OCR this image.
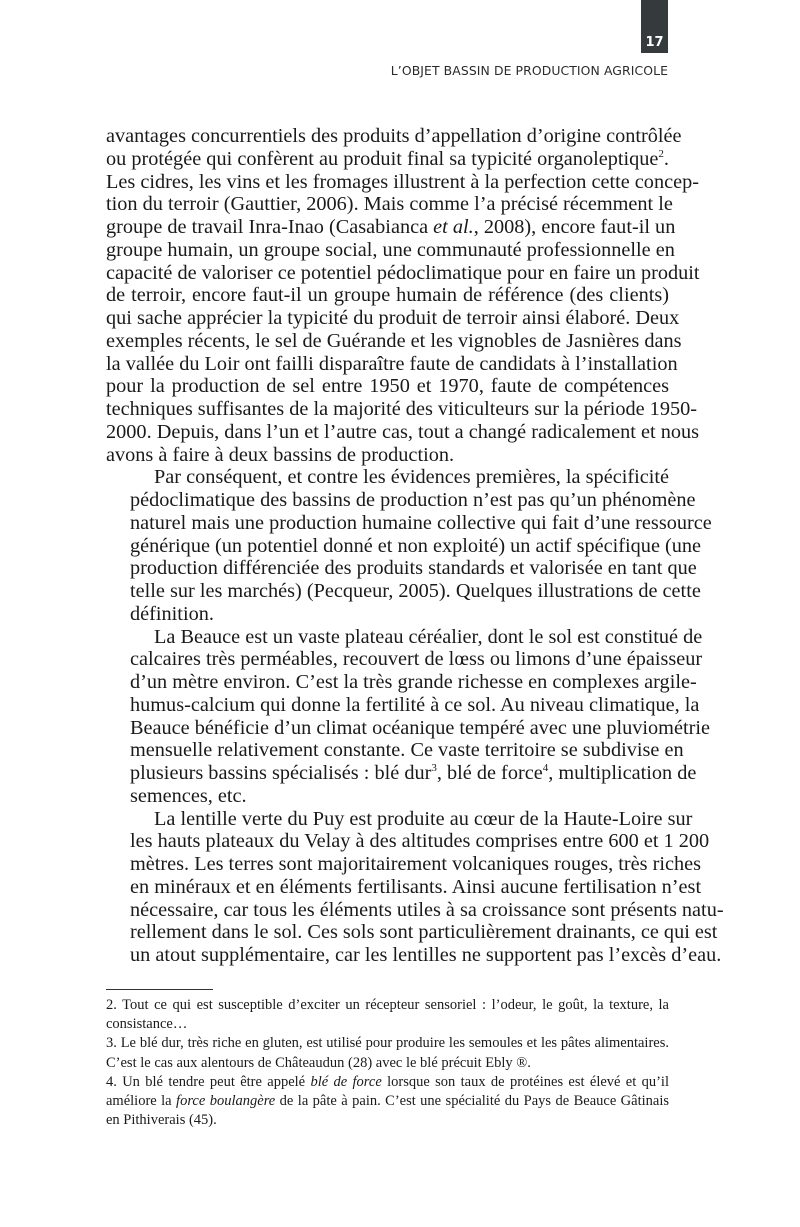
17
L’OBJET BASSIN DE PRODUCTION AGRICOLE

avantages concurrentiels des produits d’appellation d’origine contrôlée
ou protégée qui confèrent au produit final sa typicité organoleptique$^2$.
Les cidres, les vins et les fromages illustrent à la perfection cette concep-
tion du terroir (Gauttier, 2006). Mais comme l’a précisé récemment le
groupe de travail Inra-Inao (Casabianca et al., 2008), encore faut-il un
groupe humain, un groupe social, une communauté professionnelle en
capacité de valoriser ce potentiel pédoclimatique pour en faire un produit
de terroir, encore faut-il un groupe humain de référence (des clients)
qui sache apprécier la typicité du produit de terroir ainsi élaboré. Deux
exemples récents, le sel de Guérande et les vignobles de Jasnières dans
la vallée du Loir ont failli disparaître faute de candidats à l’installation
pour la production de sel entre 1950 et 1970, faute de compétences
techniques suffisantes de la majorité des viticulteurs sur la période 1950-
2000. Depuis, dans l’un et l’autre cas, tout a changé radicalement et nous
avons à faire à deux bassins de production.

Par conséquent, et contre les évidences premières, la spécificité
pédoclimatique des bassins de production n’est pas qu’un phénomène
naturel mais une production humaine collective qui fait d’une ressource
générique (un potentiel donné et non exploité) un actif spécifique (une
production différenciée des produits standards et valorisée en tant que
telle sur les marchés) (Pecqueur, 2005). Quelques illustrations de cette
définition.

La Beauce est un vaste plateau céréalier, dont le sol est constitué de
calcaires très perméables, recouvert de lœss ou limons d’une épaisseur
d’un mètre environ. C’est la très grande richesse en complexes argile-
humus-calcium qui donne la fertilité à ce sol. Au niveau climatique, la
Beauce bénéficie d’un climat océanique tempéré avec une pluviométrie
mensuelle relativement constante. Ce vaste territoire se subdivise en
plusieurs bassins spécialisés : blé dur$^3$, blé de force$^4$, multiplication de
semences, etc.

La lentille verte du Puy est produite au cœur de la Haute-Loire sur
les hauts plateaux du Velay à des altitudes comprises entre 600 et 1 200
mètres. Les terres sont majoritairement volcaniques rouges, très riches
en minéraux et en éléments fertilisants. Ainsi aucune fertilisation n’est
nécessaire, car tous les éléments utiles à sa croissance sont présents natu-
rellement dans le sol. Ces sols sont particulièrement drainants, ce qui est
un atout supplémentaire, car les lentilles ne supportent pas l’excès d’eau.

2. Tout ce qui est susceptible d’exciter un récepteur sensoriel : l’odeur, le goût, la texture, la
consistance…

3. Le blé dur, très riche en gluten, est utilisé pour produire les semoules et les pâtes alimentaires.
C’est le cas aux alentours de Châteaudun (28) avec le blé précuit Ebly ®.

4. Un blé tendre peut être appelé blé de force lorsque son taux de protéines est élevé et qu’il
améliore la force boulangère de la pâte à pain. C’est une spécialité du Pays de Beauce Gâtinais
en Pithiverais (45).
